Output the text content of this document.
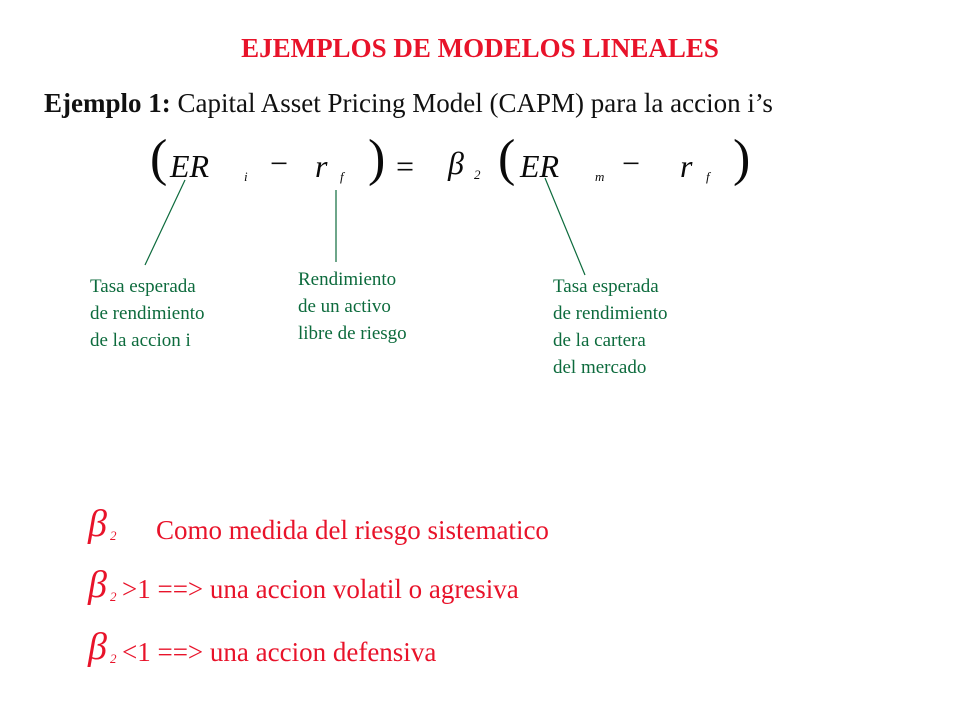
EJEMPLOS DE MODELOS LINEALES
Ejemplo 1: Capital Asset Pricing Model (CAPM) para la accion i’s
( ER	i − r f ) = β 2 ( ER	m − r f )
Tasa esperada
de rendimiento
de la accion i
Rendimiento
de un activo
libre de riesgo
Tasa esperada
de rendimiento
de la cartera
del mercado
β 2 Como medida del riesgo sistematico
β 2 >1 ==> una accion volatil o agresiva
β 2 <1 ==> una accion defensiva
